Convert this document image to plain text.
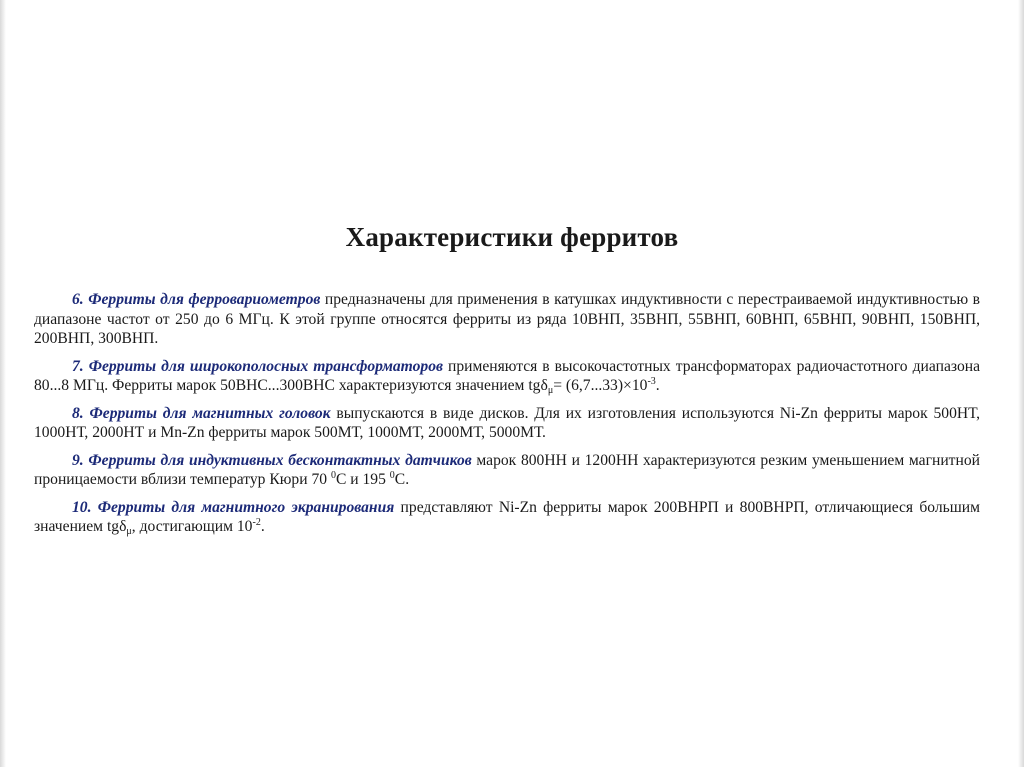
Характеристики ферритов

6. Ферриты для ферровариометров предназначены для применения в катушках индуктивности с перестраиваемой индуктивностью в диапазоне частот от 250 до 6 МГц. К этой группе относятся ферриты из ряда 10ВНП, 35ВНП, 55ВНП, 60ВНП, 65ВНП, 90ВНП, 150ВНП, 200ВНП, 300ВНП.

7. Ферриты для широкополосных трансформаторов применяются в высокочастотных трансформаторах радиочастотного диапазона 80...8 МГц. Ферриты марок 50ВНС...300ВНС характеризуются значением $tg\delta_\mu= (6,7...33)\times 10^{-3}$.

8. Ферриты для магнитных головок выпускаются в виде дисков. Для их изготовления используются Ni-Zn ферриты марок 500НТ, 1000НТ, 2000НТ и Mn-Zn ферриты марок 500МТ, 1000МТ, 2000МТ, 5000МТ.

9. Ферриты для индуктивных бесконтактных датчиков марок 800НН и 1200НН характеризуются резким уменьшением магнитной проницаемости вблизи температур Кюри 70 $^0$С и 195 $^0$С.

10. Ферриты для магнитного экранирования представляют Ni-Zn ферриты марок 200ВНРП и 800ВНРП, отличающиеся большим значением tgδ$_\mu$, достигающим $10^{-2}$.
